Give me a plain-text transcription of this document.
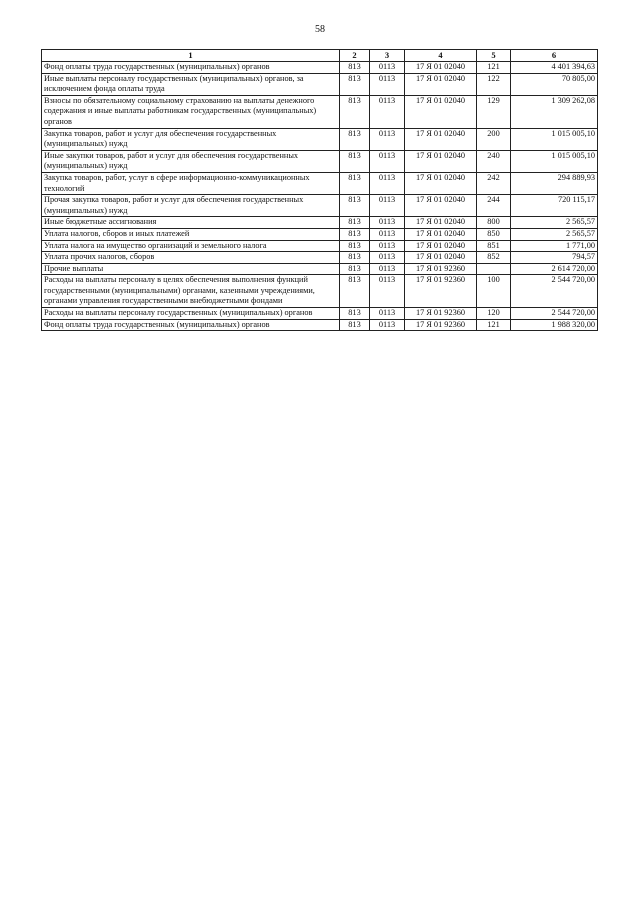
58
1	2	3	4	5	6
Фонд оплаты труда государственных (муниципальных) органов	813	0113	17 Я 01 02040	121	4 401 394,63
Иные выплаты персоналу государственных (муниципальных) органов, за исключением фонда оплаты труда	813	0113	17 Я 01 02040	122	70 805,00
Взносы по обязательному социальному страхованию на выплаты денежного содержания и иные выплаты работникам государственных (муниципальных) органов	813	0113	17 Я 01 02040	129	1 309 262,08
Закупка товаров, работ и услуг для обеспечения государственных (муниципальных) нужд	813	0113	17 Я 01 02040	200	1 015 005,10
Иные закупки товаров, работ и услуг для обеспечения государственных (муниципальных) нужд	813	0113	17 Я 01 02040	240	1 015 005,10
Закупка товаров, работ, услуг в сфере информационно-коммуникационных технологий	813	0113	17 Я 01 02040	242	294 889,93
Прочая закупка товаров, работ и услуг для обеспечения государственных (муниципальных) нужд	813	0113	17 Я 01 02040	244	720 115,17
Иные бюджетные ассигнования	813	0113	17 Я 01 02040	800	2 565,57
Уплата налогов, сборов и иных платежей	813	0113	17 Я 01 02040	850	2 565,57
Уплата налога на имущество организаций и земельного налога	813	0113	17 Я 01 02040	851	1 771,00
Уплата прочих налогов, сборов	813	0113	17 Я 01 02040	852	794,57
Прочие выплаты	813	0113	17 Я 01 92360		2 614 720,00
Расходы на выплаты персоналу в целях обеспечения выполнения функций государственными (муниципальными) органами, казенными учреждениями, органами управления государственными внебюджетными фондами	813	0113	17 Я 01 92360	100	2 544 720,00
Расходы на выплаты персоналу государственных (муниципальных) органов	813	0113	17 Я 01 92360	120	2 544 720,00
Фонд оплаты труда государственных (муниципальных) органов	813	0113	17 Я 01 92360	121	1 988 320,00
